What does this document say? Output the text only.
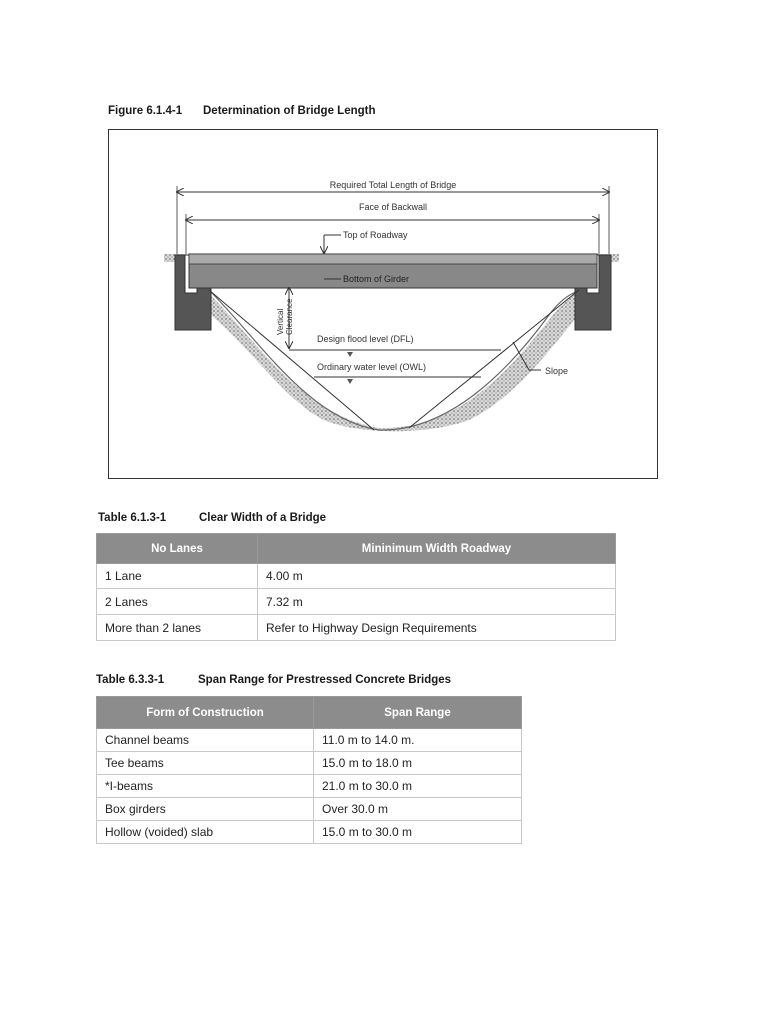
Figure 6.1.4-1 Determination of Bridge Length
Required Total Length of Bridge
Face of Backwall
Top of Roadway
Bottom of Girder
Vertical Clearance
Design flood level (DFL)
Ordinary water level (OWL)	Slope
Table 6.1.3-1	Clear Width of a Bridge
No Lanes	Mininimum Width Roadway
1 Lane	4.00 m
2 Lanes	7.32 m
More than 2 lanes	Refer to Highway Design Requirements
Table 6.3.3-1	Span Range for Prestressed Concrete Bridges
Form of Construction	Span Range
Channel beams	11.0 m to 14.0 m.
Tee beams	15.0 m to 18.0 m
*I-beams	21.0 m to 30.0 m
Box girders	Over 30.0 m
Hollow (voided) slab	15.0 m to 30.0 m
